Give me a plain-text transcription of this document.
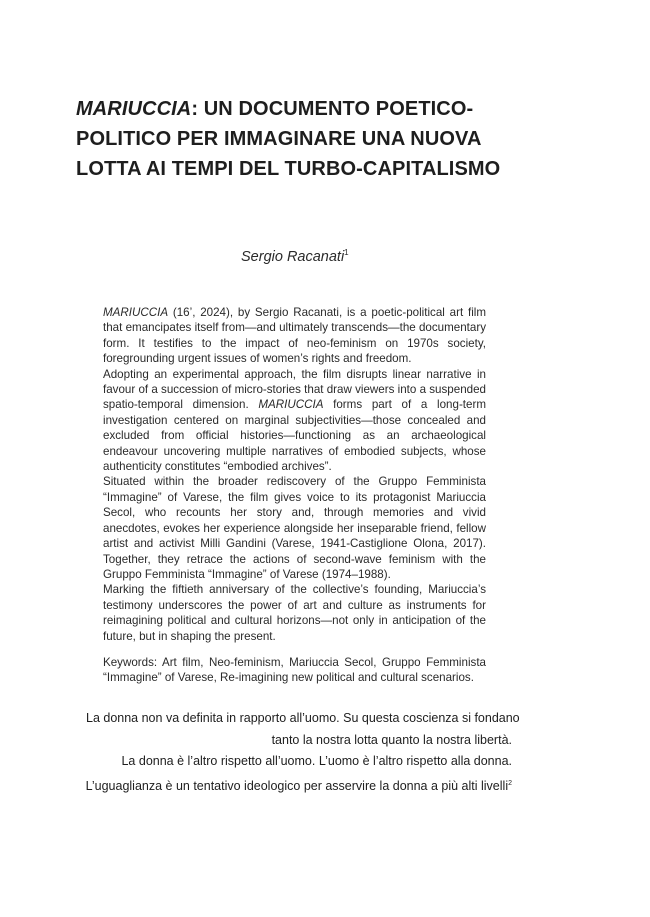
MARIUCCIA: UN DOCUMENTO POETICO-
POLITICO PER IMMAGINARE UNA NUOVA
LOTTA AI TEMPI DEL TURBO-CAPITALISMO
Sergio Racanati$^1$

MARIUCCIA (16’, 2024), by Sergio Racanati, is a poetic-political art film that emancipates itself from—and ultimately transcends—the documentary form. It testifies to the impact of neo-feminism on 1970s society, foregrounding urgent issues of women’s rights and freedom.

Adopting an experimental approach, the film disrupts linear narrative in favour of a succession of micro-stories that draw viewers into a suspended spatio-temporal dimension. MARIUCCIA forms part of a long-term investigation centered on marginal subjectivities—those concealed and excluded from official histories—functioning as an archaeological endeavour uncovering multiple narratives of embodied subjects, whose authenticity constitutes “embodied archives”.

Situated within the broader rediscovery of the Gruppo Femminista “Immagine” of Varese, the film gives voice to its protagonist Mariuccia Secol, who recounts her story and, through memories and vivid anecdotes, evokes her experience alongside her inseparable friend, fellow artist and activist Milli Gandini (Varese, 1941-Castiglione Olona, 2017). Together, they retrace the actions of second-wave feminism with the Gruppo Femminista “Immagine” of Varese (1974–1988).

Marking the fiftieth anniversary of the collective’s founding, Mariuccia’s testimony underscores the power of art and culture as instruments for reimagining political and cultural horizons—not only in anticipation of the future, but in shaping the present.

Keywords: Art film, Neo-feminism, Mariuccia Secol, Gruppo Femminista “Immagine” of Varese, Re-imagining new political and cultural scenarios.

La donna non va definita in rapporto all’uomo. Su questa coscienza si fondano
tanto la nostra lotta quanto la nostra libertà.
La donna è l’altro rispetto all’uomo. L’uomo è l’altro rispetto alla donna.
L’uguaglianza è un tentativo ideologico per asservire la donna a più alti livelli$^2$
